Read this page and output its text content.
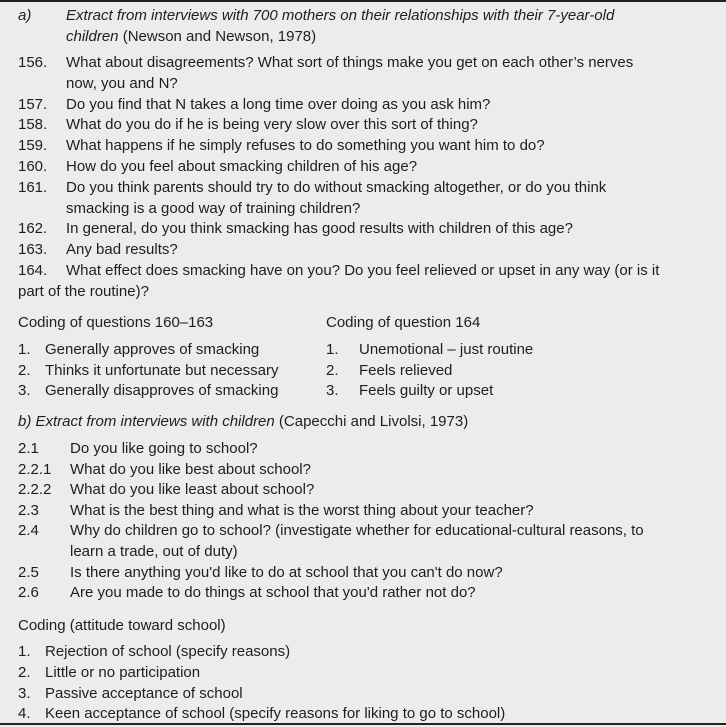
a) Extract from interviews with 700 mothers on their relationships with their 7-year-old
children (Newson and Newson, 1978)
156. What about disagreements? What sort of things make you get on each other’s nerves
now, you and N?
157. Do you find that N takes a long time over doing as you ask him?
158. What do you do if he is being very slow over this sort of thing?
159. What happens if he simply refuses to do something you want him to do?
160. How do you feel about smacking children of his age?
161. Do you think parents should try to do without smacking altogether, or do you think
smacking is a good way of training children?
162. In general, do you think smacking has good results with children of this age?
163. Any bad results?
164. What effect does smacking have on you? Do you feel relieved or upset in any way (or is it
part of the routine)?
Coding of questions 160–163	Coding of question 164
1. Generally approves of smacking
2. Thinks it unfortunate but necessary
3. Generally disapproves of smacking
1. Unemotional – just routine
2. Feels relieved
3. Feels guilty or upset
b) Extract from interviews with children (Capecchi and Livolsi, 1973)
2.1 Do you like going to school?
2.2.1 What do you like best about school?
2.2.2 What do you like least about school?
2.3 What is the best thing and what is the worst thing about your teacher?
2.4 Why do children go to school? (investigate whether for educational-cultural reasons, to
learn a trade, out of duty)
2.5 Is there anything you'd like to do at school that you can't do now?
2.6 Are you made to do things at school that you'd rather not do?
Coding (attitude toward school)
1. Rejection of school (specify reasons)
2. Little or no participation
3. Passive acceptance of school
4. Keen acceptance of school (specify reasons for liking to go to school)
